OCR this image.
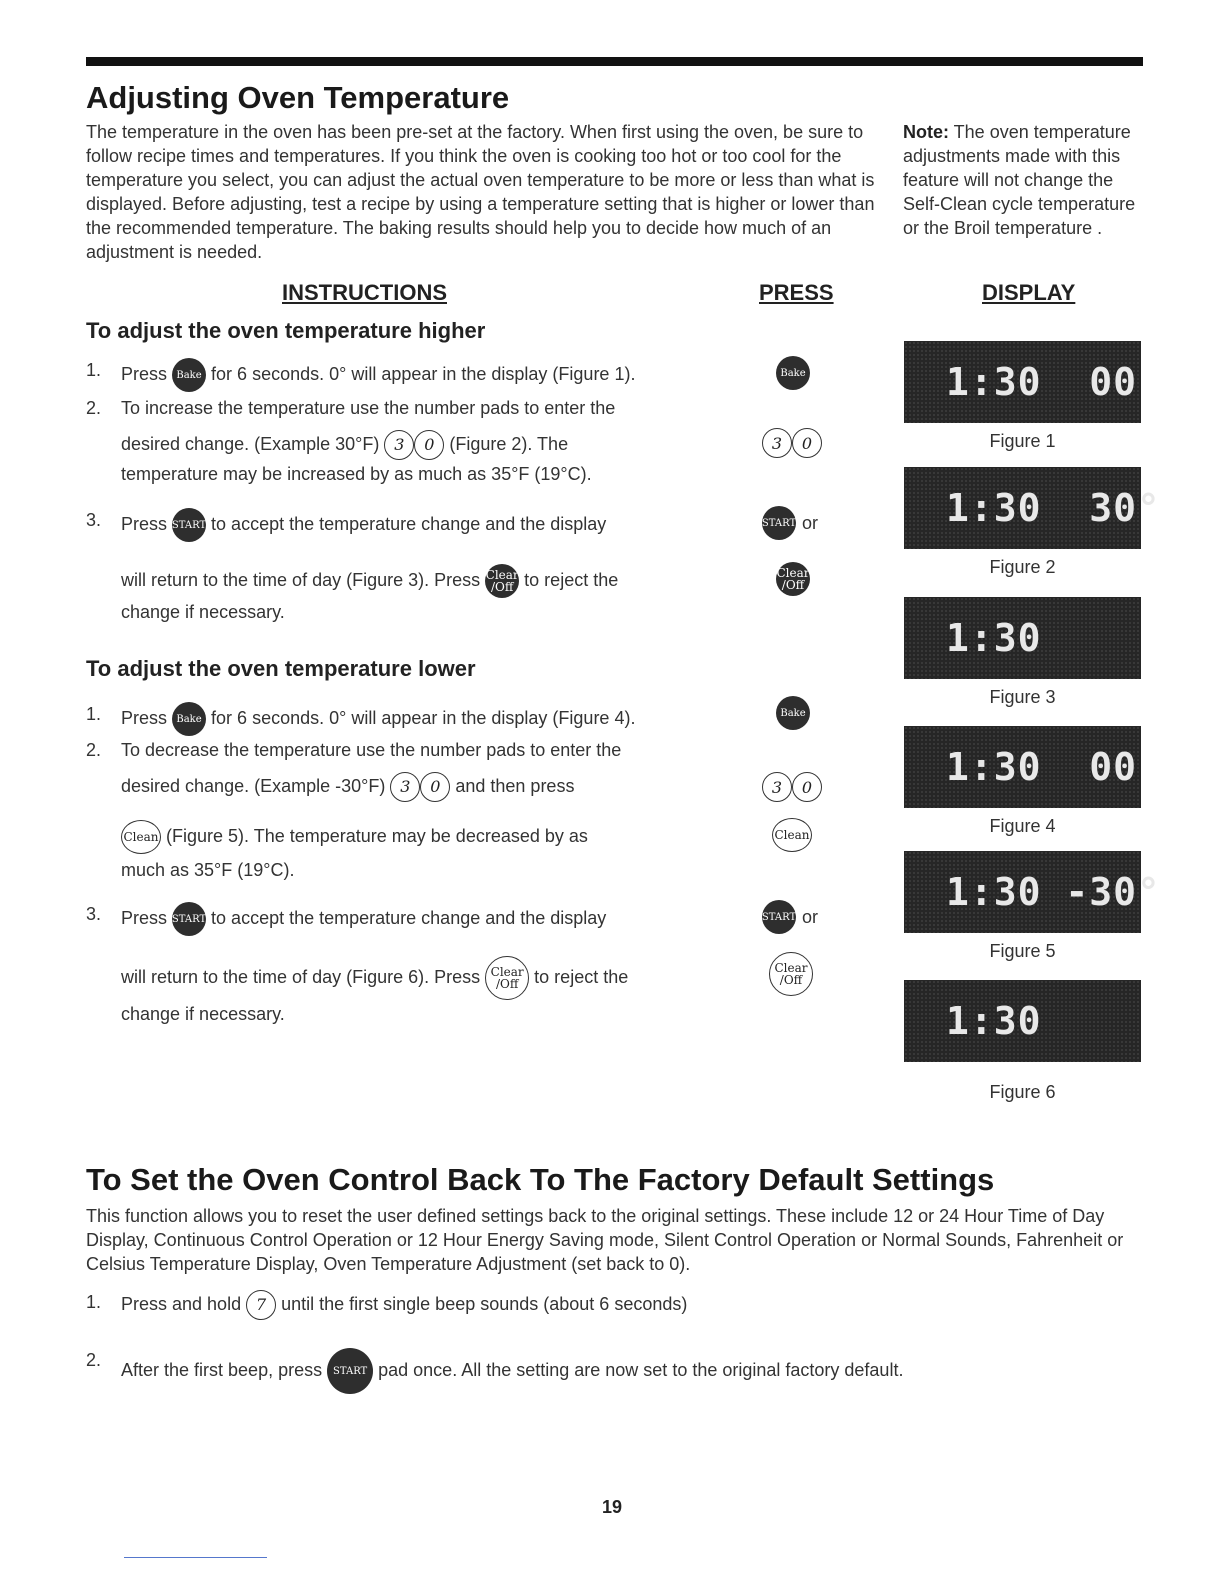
Adjusting Oven Temperature
The temperature in the oven has been pre-set at the factory. When first using the oven, be sure to follow recipe times and temperatures. If you think the oven is cooking too hot or too cool for the temperature you select, you can adjust the actual oven temperature to be more or less than what is displayed. Before adjusting, test a recipe by using a temperature setting that is higher or lower than the recommended temperature. The baking results should help you to decide how much of an adjustment is needed.
Note: The oven temperature adjustments made with this feature will not change the Self-Clean cycle temperature or the Broil temperature .
INSTRUCTIONS	PRESS	DISPLAY
To adjust the oven temperature higher
1. Press Bake for 6 seconds. 0° will appear in the display (Figure 1).
2. To increase the temperature use the number pads to enter the
desired change. (Example 30°F) 3 0 (Figure 2). The
temperature may be increased by as much as 35°F (19°C).
3. Press START to accept the temperature change and the display
will return to the time of day (Figure 3). Press Clear
/Off to reject the
change if necessary.
To adjust the oven temperature lower
1. Press Bake for 6 seconds. 0° will appear in the display (Figure 4).
2. To decrease the temperature use the number pads to enter the
desired change. (Example -30°F) 3 0 and then press
Clean (Figure 5). The temperature may be decreased by as
much as 35°F (19°C).
3. Press START to accept the temperature change and the display
will return to the time of day (Figure 6). Press Clear
/Off to reject the
change if necessary.
Bake
3 0
START or
Clear
/Off
Bake
3 0
Clean
START or
Clear
/Off
1:30  00
Figure 1
1:30  30°
Figure 2
1:30
Figure 3
1:30  00
Figure 4
1:30 -30°
Figure 5
1:30
Figure 6
To Set the Oven Control Back To The Factory Default Settings
This function allows you to reset the user defined settings back to the original settings. These include 12 or 24 Hour Time of Day Display, Continuous Control Operation or 12 Hour Energy Saving mode, Silent Control Operation or Normal Sounds, Fahrenheit or Celsius Temperature Display, Oven Temperature Adjustment (set back to 0).
1. Press and hold 7 until the first single beep sounds (about 6 seconds)
2. After the first beep, press START pad once. All the setting are now set to the original factory default.
19
